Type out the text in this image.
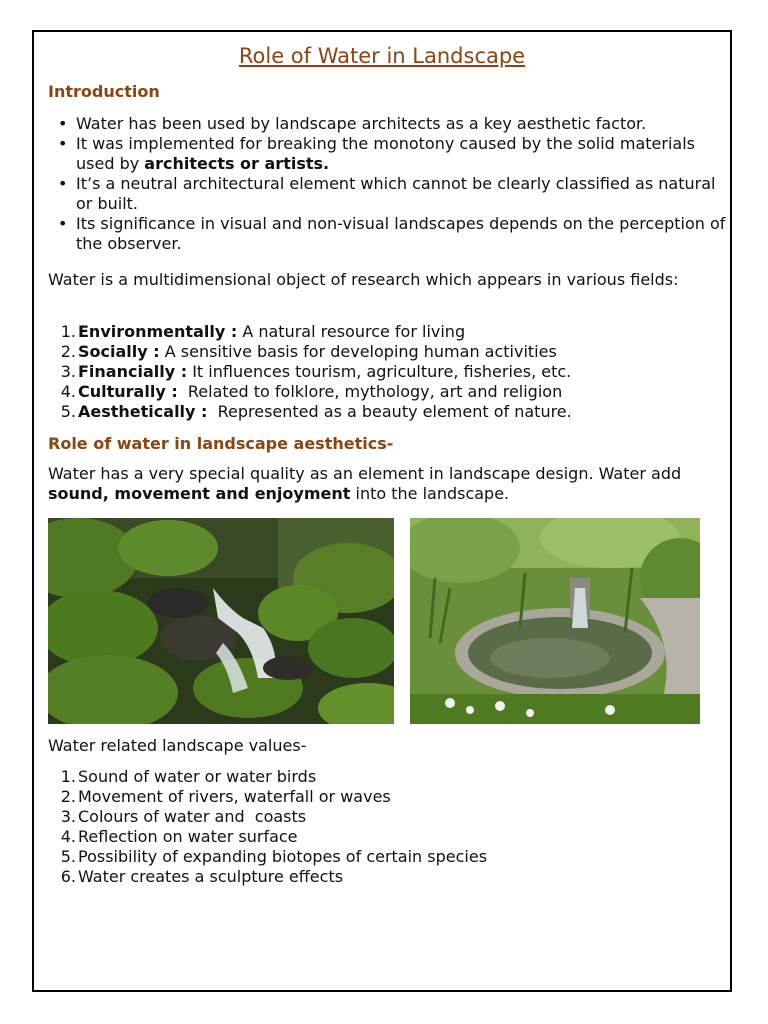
Role of Water in Landscape
Introduction
• Water has been used by landscape architects as a key aesthetic factor.
• It was implemented for breaking the monotony caused by the solid materials used by architects or artists.
• It’s a neutral architectural element which cannot be clearly classified as natural or built.
• Its significance in visual and non-visual landscapes depends on the perception of the observer.
Water is a multidimensional object of research which appears in various fields:
1. Environmentally : A natural resource for living
2. Socially : A sensitive basis for developing human activities
3. Financially : It influences tourism, agriculture, fisheries, etc.
4. Culturally :  Related to folklore, mythology, art and religion
5. Aesthetically :  Represented as a beauty element of nature.
Role of water in landscape aesthetics-
Water has a very special quality as an element in landscape design. Water add sound, movement and enjoyment into the landscape.
Water related landscape values-
1. Sound of water or water birds
2. Movement of rivers, waterfall or waves
3. Colours of water and  coasts
4. Reflection on water surface
5. Possibility of expanding biotopes of certain species
6. Water creates a sculpture effects
